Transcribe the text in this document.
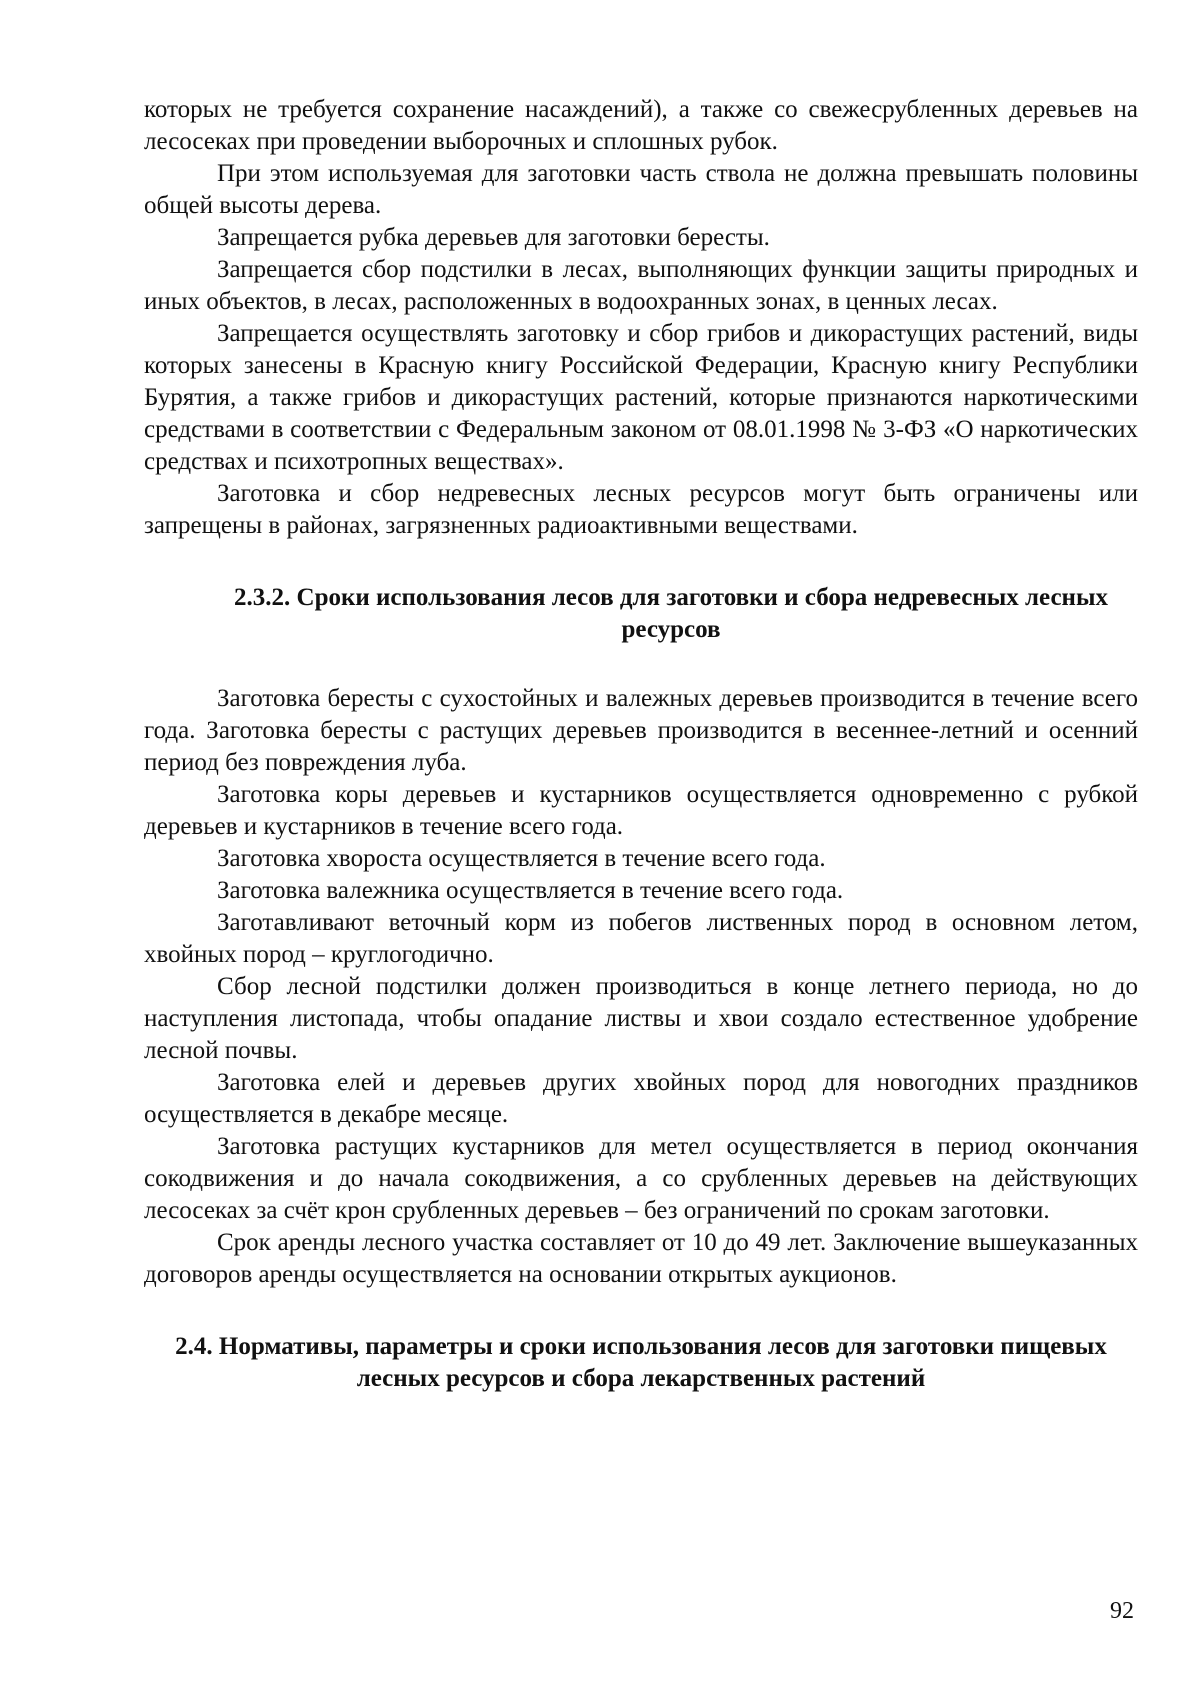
которых не требуется сохранение насаждений), а также со свежесрубленных деревьев на лесосеках при проведении выборочных и сплошных рубок.

При этом используемая для заготовки часть ствола не должна превышать половины общей высоты дерева.

Запрещается рубка деревьев для заготовки бересты.

Запрещается сбор подстилки в лесах, выполняющих функции защиты природных и иных объектов, в лесах, расположенных в водоохранных зонах, в ценных лесах.

Запрещается осуществлять заготовку и сбор грибов и дикорастущих растений, виды которых занесены в Красную книгу Российской Федерации, Красную книгу Республики Бурятия, а также грибов и дикорастущих растений, которые признаются наркотическими средствами в соответствии с Федеральным законом от 08.01.1998 № 3-ФЗ «О наркотических средствах и психотропных веществах».

Заготовка и сбор недревесных лесных ресурсов могут быть ограничены или запрещены в районах, загрязненных радиоактивными веществами.

2.3.2. Сроки использования лесов для заготовки и сбора недревесных лесных ресурсов

Заготовка бересты с сухостойных и валежных деревьев производится в течение всего года. Заготовка бересты с растущих деревьев производится в весеннее-летний и осенний период без повреждения луба.

Заготовка коры деревьев и кустарников осуществляется одновременно с рубкой деревьев и кустарников в течение всего года.

Заготовка хвороста осуществляется в течение всего года.

Заготовка валежника осуществляется в течение всего года.

Заготавливают веточный корм из побегов лиственных пород в основном летом, хвойных пород – круглогодично.

Сбор лесной подстилки должен производиться в конце летнего периода, но до наступления листопада, чтобы опадание листвы и хвои создало естественное удобрение лесной почвы.

Заготовка елей и деревьев других хвойных пород для новогодних праздников осуществляется в декабре месяце.

Заготовка растущих кустарников для метел осуществляется в период окончания сокодвижения и до начала сокодвижения, а со срубленных деревьев на действующих лесосеках за счёт крон срубленных деревьев – без ограничений по срокам заготовки.

Срок аренды лесного участка составляет от 10 до 49 лет. Заключение вышеуказанных договоров аренды осуществляется на основании открытых аукционов.

2.4. Нормативы, параметры и сроки использования лесов для заготовки пищевых лесных ресурсов и сбора лекарственных растений
92
